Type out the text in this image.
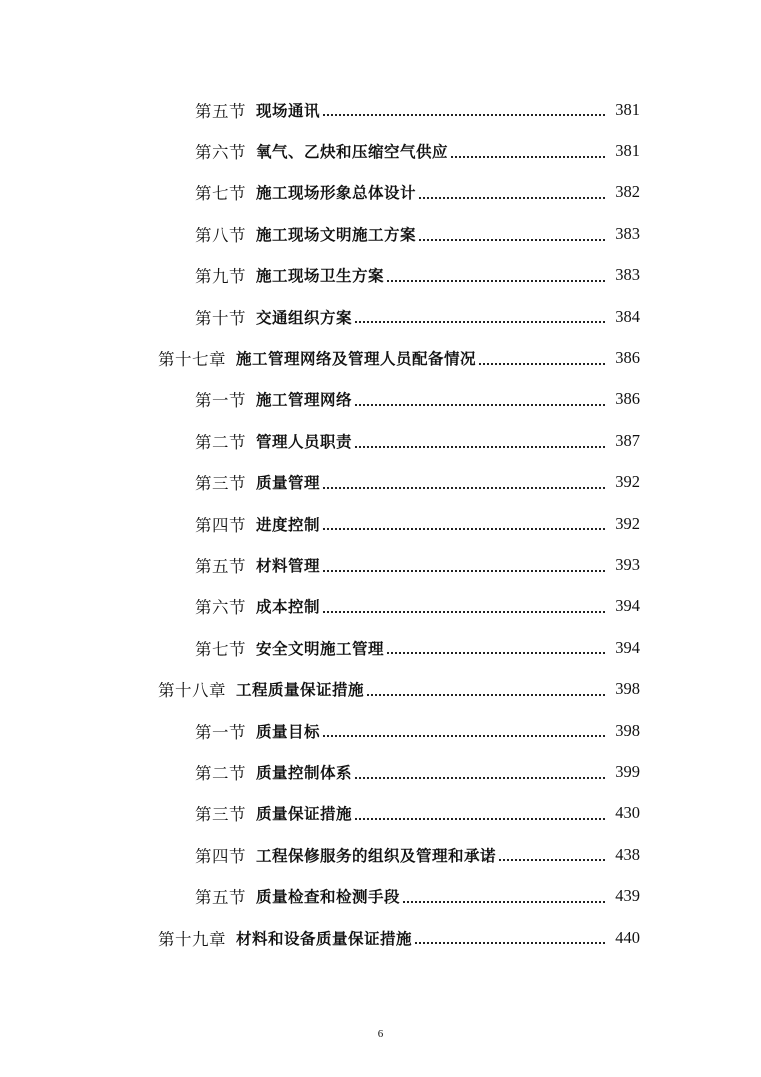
第五节 现场通讯	381
第六节 氧气、乙炔和压缩空气供应	381
第七节 施工现场形象总体设计	382
第八节 施工现场文明施工方案	383
第九节 施工现场卫生方案	383
第十节 交通组织方案	384
第十七章 施工管理网络及管理人员配备情况	386
第一节 施工管理网络	386
第二节 管理人员职责	387
第三节 质量管理	392
第四节 进度控制	392
第五节 材料管理	393
第六节 成本控制	394
第七节 安全文明施工管理	394
第十八章 工程质量保证措施	398
第一节 质量目标	398
第二节 质量控制体系	399
第三节 质量保证措施	430
第四节 工程保修服务的组织及管理和承诺	438
第五节 质量检查和检测手段	439
第十九章 材料和设备质量保证措施	440
6
